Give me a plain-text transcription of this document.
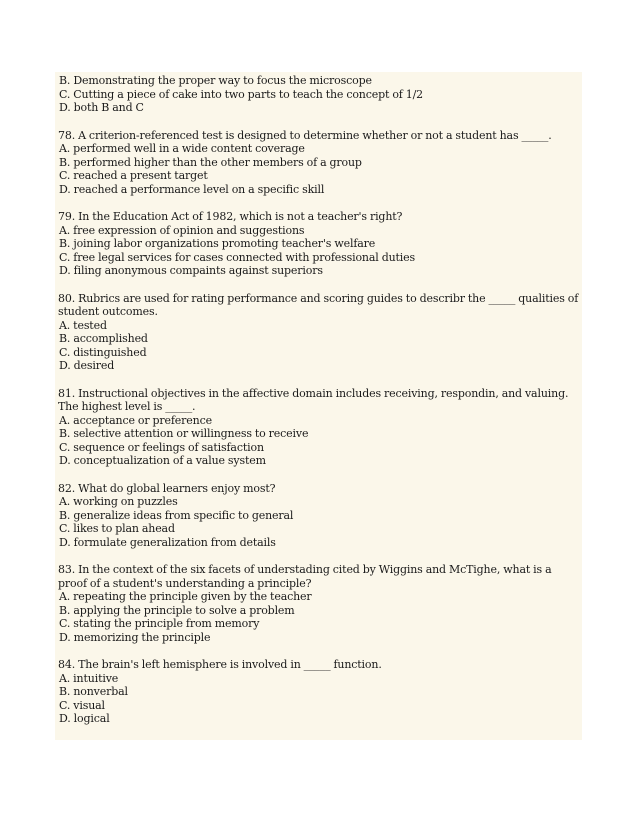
B. Demonstrating the proper way to focus the microscope

C. Cutting a piece of cake into two parts to teach the concept of 1/2

D. both B and C

78. A criterion-referenced test is designed to determine whether or not a student has _____.

A. performed well in a wide content coverage

B. performed higher than the other members of a group

C. reached a present target

D. reached a performance level on a specific skill

79. In the Education Act of 1982, which is not a teacher's right?

A. free expression of opinion and suggestions

B. joining labor organizations promoting teacher's welfare

C. free legal services for cases connected with professional duties

D. filing anonymous compaints against superiors

80. Rubrics are used for rating performance and scoring guides to describr the _____ qualities of student outcomes.

A. tested

B. accomplished

C. distinguished

D. desired

81. Instructional objectives in the affective domain includes receiving, respondin, and valuing. The highest level is _____.

A. acceptance or preference

B. selective attention or willingness to receive

C. sequence or feelings of satisfaction

D. conceptualization of a value system

82. What do global learners enjoy most?

A. working on puzzles

B. generalize ideas from specific to general

C. likes to plan ahead

D. formulate generalization from details

83. In the context of the six facets of understading cited by Wiggins and McTighe, what is a proof of a student's understanding a principle?

A. repeating the principle given by the teacher

B. applying the principle to solve a problem

C. stating the principle from memory

D. memorizing the principle

84. The brain's left hemisphere is involved in _____ function.

A. intuitive

B. nonverbal

C. visual

D. logical
